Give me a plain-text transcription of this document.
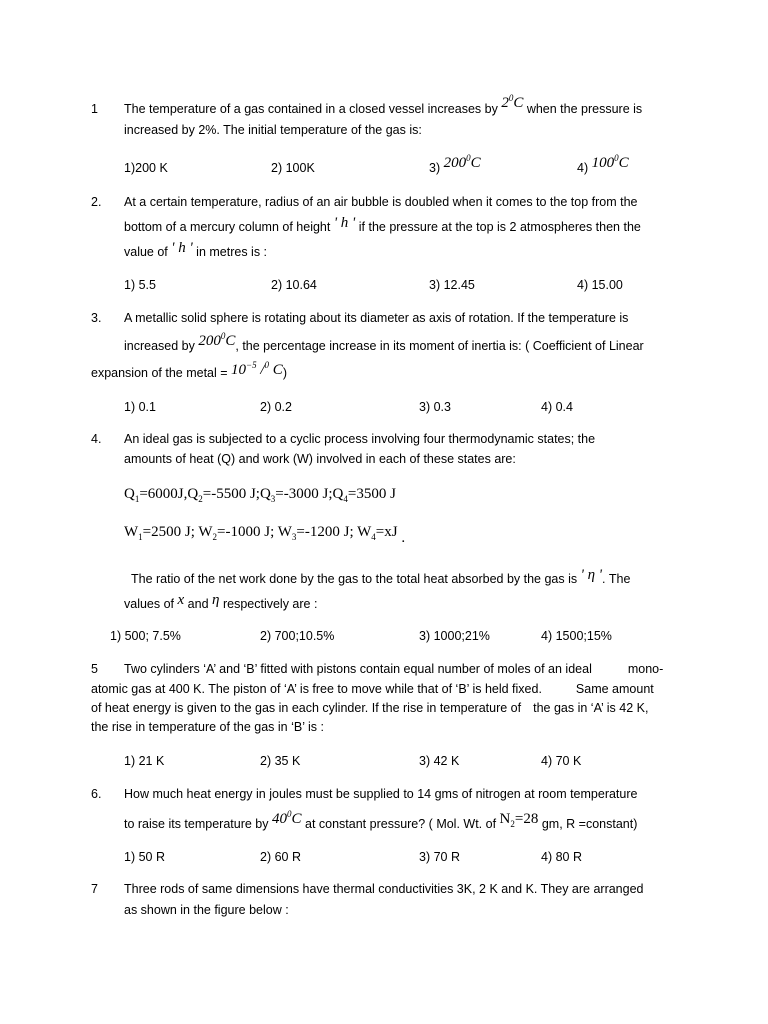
1 The temperature of a gas contained in a closed vessel increases by $2^0C$ when the pressure is
increased by 2%. The initial temperature of the gas is:
1)200 K	2) 100K	3) $200^0C$	4) $100^0C$
2. At a certain temperature, radius of an air bubble is doubled when it comes to the top from the
bottom of a mercury column of height ' h ' if the pressure at the top is 2 atmospheres then the
value of ' h ' in metres is :
1) 5.5	2) 10.64	3) 12.45	4) 15.00
3. A metallic solid sphere is rotating about its diameter as axis of rotation. If the temperature is
increased by $200^0C$, the percentage increase in its moment of inertia is: ( Coefficient of Linear
expansion of the metal = $10^{-5}$ /$^0$ C)
1) 0.1	2) 0.2	3) 0.3	4) 0.4
4. An ideal gas is subjected to a cyclic process involving four thermodynamic states; the
amounts of heat (Q) and work (W) involved in each of these states are:
$Q_1=6000J,Q_2=-5500$ $J;Q_3=-3000$ $J;Q_4=3500$ J
$W_1=2500$ J; $W_2=-1000$ J; $W_3=-1200$ J; $W_4=xJ$ .
The ratio of the net work done by the gas to the total heat absorbed by the gas is ' η '. The
values of x and η respectively are :
1) 500; 7.5%	2) 700;10.5%	3) 1000;21%	4) 1500;15%
5 Two cylinders ‘A’ and ‘B’ fitted with pistons contain equal number of moles of an ideal	mono-
atomic gas at 400 K. The piston of ‘A’ is free to move while that of ‘B’ is held fixed.	Same amount
of heat energy is given to the gas in each cylinder. If the rise in temperature of the gas in ‘A’ is 42 K,
the rise in temperature of the gas in ‘B’ is :
1) 21 K	2) 35 K	3) 42 K	4) 70 K
6. How much heat energy in joules must be supplied to 14 gms of nitrogen at room temperature
to raise its temperature by $40^0C$ at constant pressure? ( Mol. Wt. of $N_2=28$ gm, R =constant)
1) 50 R	2) 60 R	3) 70 R	4) 80 R
7 Three rods of same dimensions have thermal conductivities 3K, 2 K and K. They are arranged
as shown in the figure below :
